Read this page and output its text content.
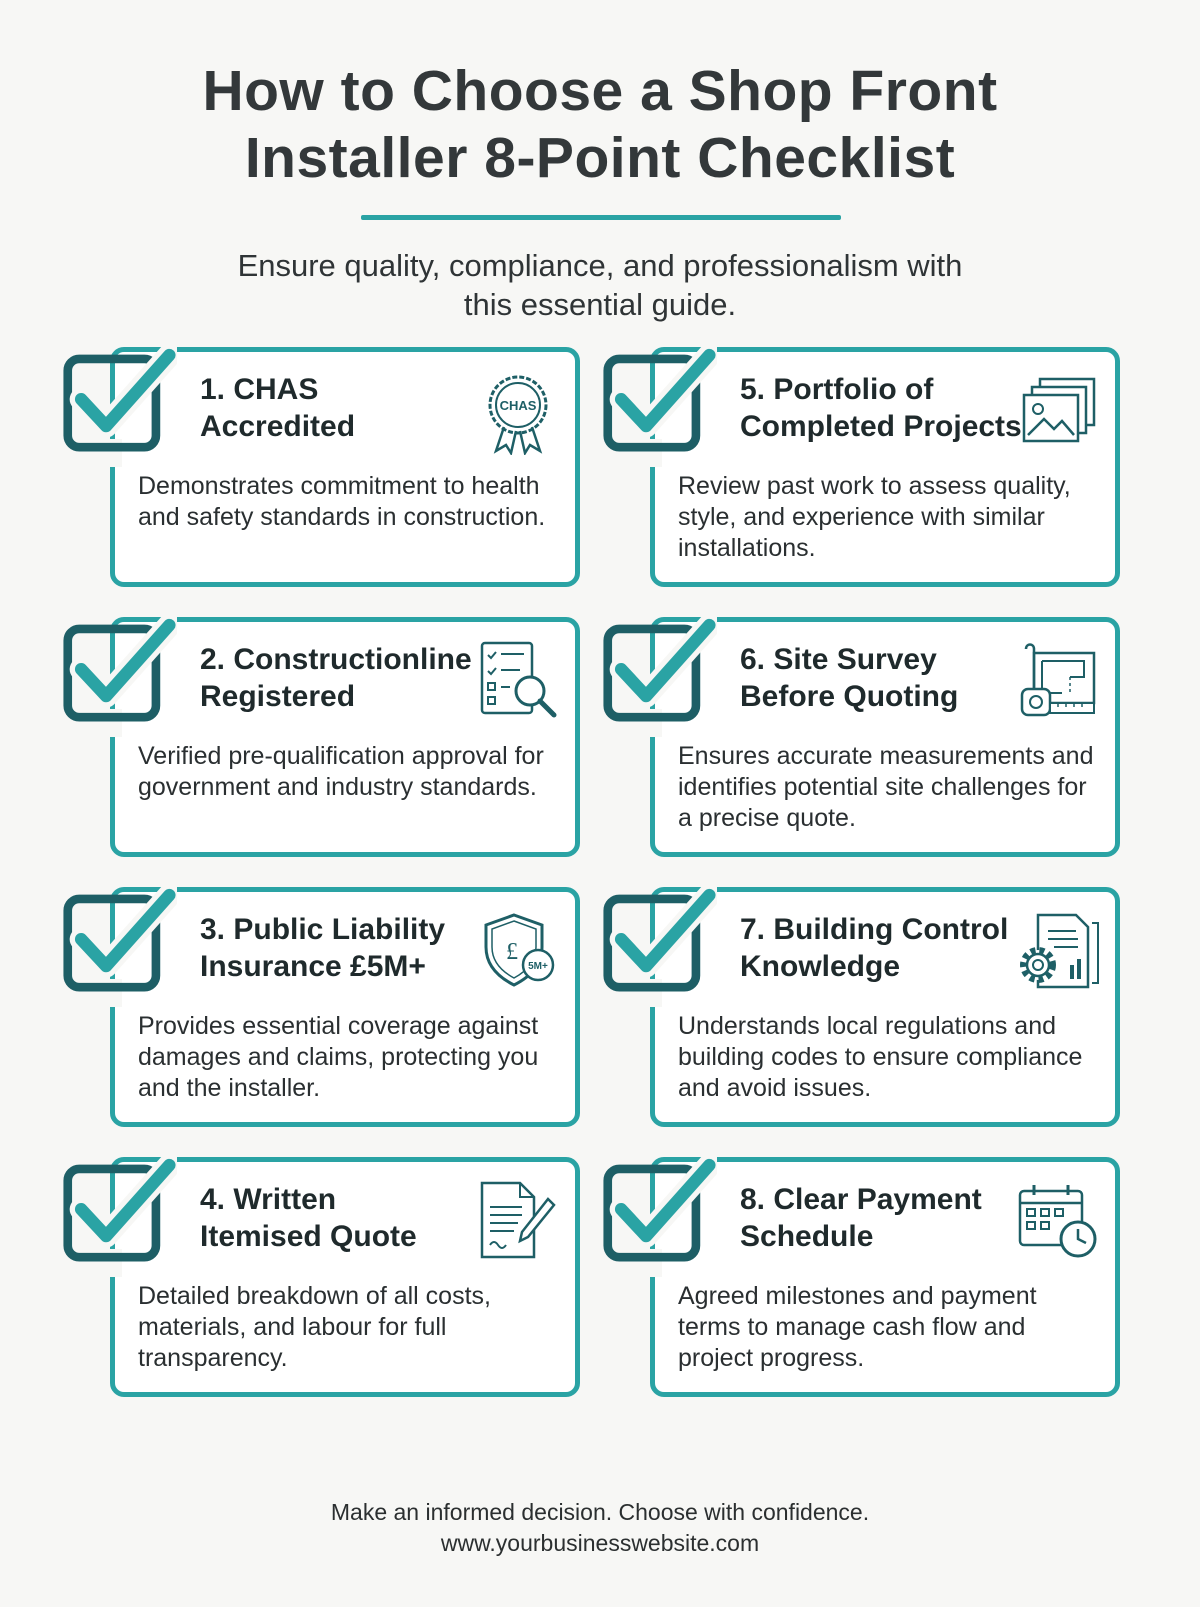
How to Choose a Shop Front
Installer 8-Point Checklist
Ensure quality, compliance, and professionalism with
this essential guide.
1. CHAS
Accredited
CHAS
Demonstrates commitment to health and safety standards in construction.
2. Constructionline
Registered
Verified pre-qualification approval for government and industry standards.
3. Public Liability
Insurance £5M+	£
5M+
Provides essential coverage against damages and claims, protecting you and the installer.
4. Written
Itemised Quote
Detailed breakdown of all costs, materials, and labour for full transparency.
5. Portfolio of
Completed Projects
Review past work to assess quality, style, and experience with similar installations.
6. Site Survey
Before Quoting
Ensures accurate measurements and identifies potential site challenges for a precise quote.
7. Building Control
Knowledge
Understands local regulations and building codes to ensure compliance and avoid issues.
8. Clear Payment
Schedule
Agreed milestones and payment terms to manage cash flow and project progress.
Make an informed decision. Choose with confidence.
www.yourbusinesswebsite.com
